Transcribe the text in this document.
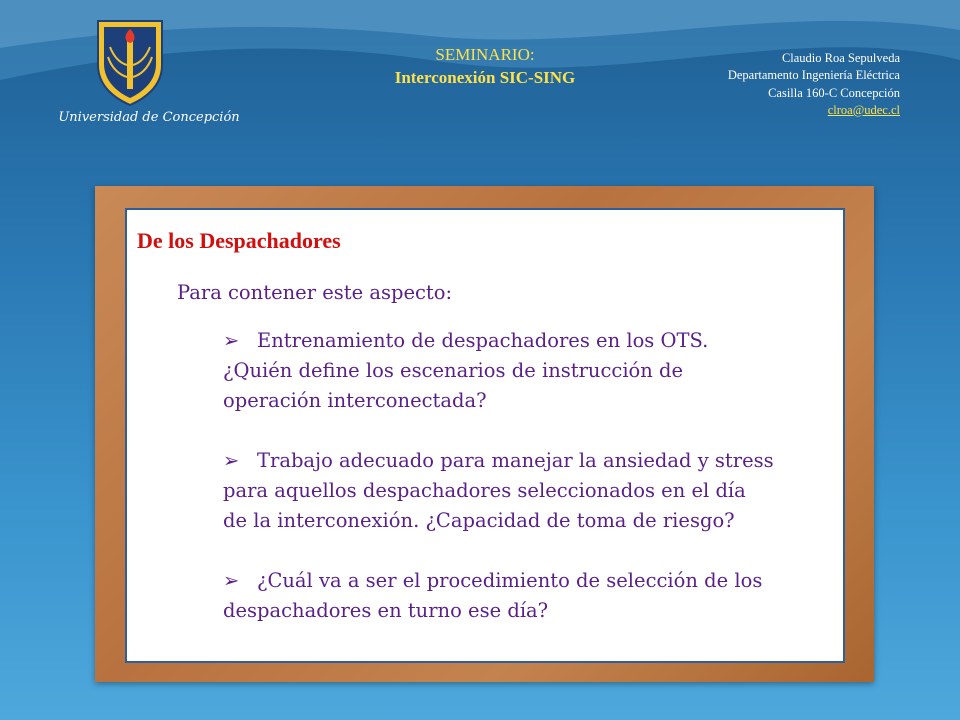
Universidad de Concepción
SEMINARIO:
Interconexión SIC-SING
Claudio Roa Sepulveda
Departamento Ingeniería Eléctrica
Casilla 160-C Concepción
clroa@udec.cl
De los Despachadores
Para contener este aspecto:
➢ Entrenamiento de despachadores en los OTS.
¿Quién define los escenarios de instrucción de
operación interconectada?
➢ Trabajo adecuado para manejar la ansiedad y stress
para aquellos despachadores seleccionados en el día
de la interconexión. ¿Capacidad de toma de riesgo?
➢ ¿Cuál va a ser el procedimiento de selección de los
despachadores en turno ese día?
